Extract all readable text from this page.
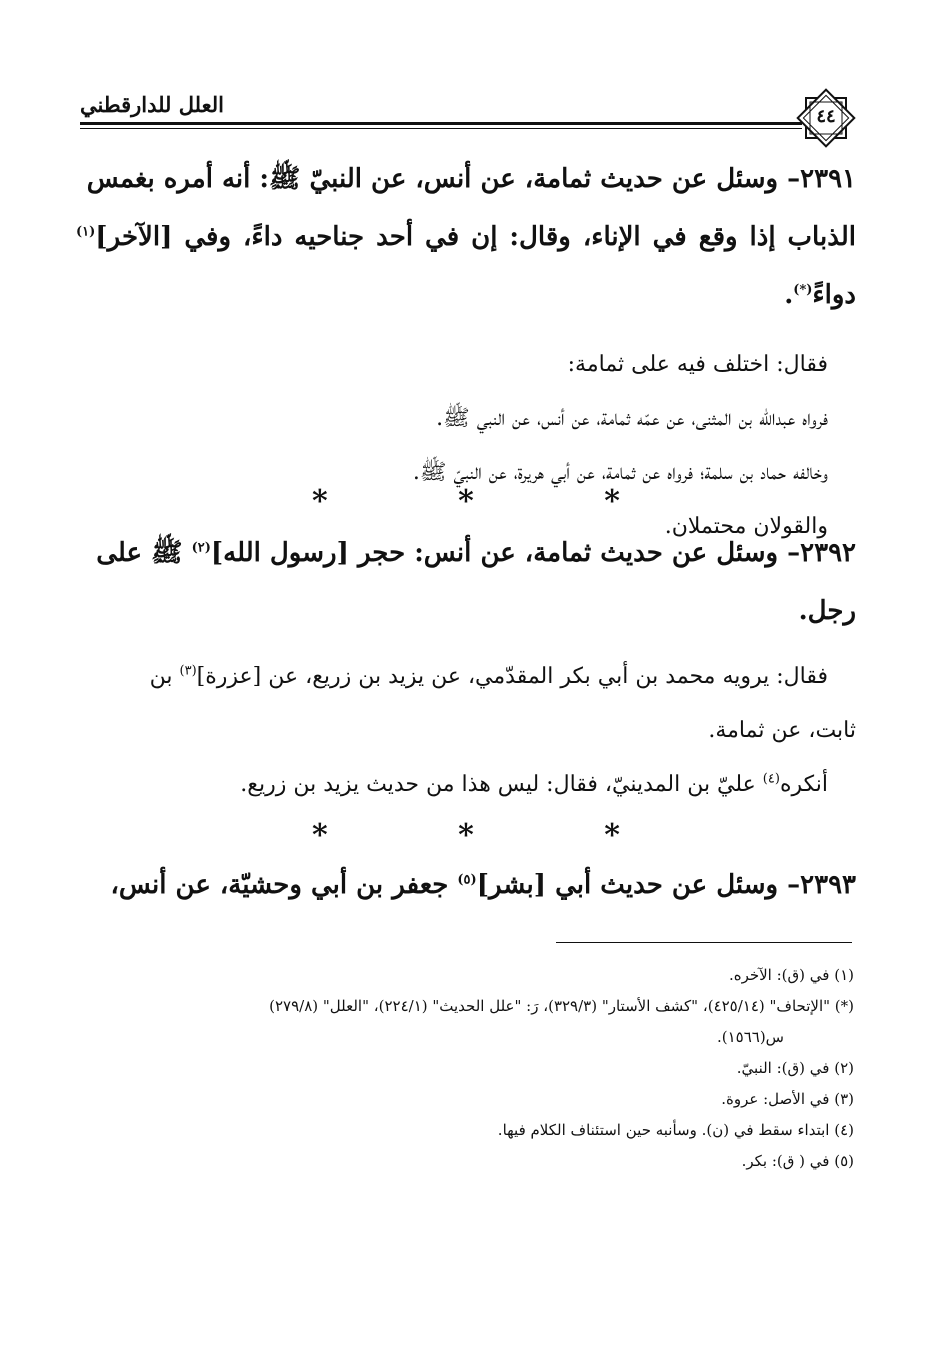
العلل للدارقطني	٤٤
٢٣٩١– وسئل عن حديث ثمامة، عن أنس، عن النبيّ ﷺ: أنه أمره بغمس
الذباب إذا وقع في الإناء، وقال: إن في أحد جناحيه داءً، وفي [الآخر]$^{(١)}$ دواءً(*).
فقال: اختلف فيه على ثمامة:
فرواه عبدالله بن المثنى، عن عمّه ثمامة، عن أنس، عن النبي ﷺ.
وخالفه حماد بن سلمة؛ فرواه عن ثمامة، عن أبي هريرة، عن النبيّ ﷺ.
والقولان محتملان.
* * *
٢٣٩٢– وسئل عن حديث ثمامة، عن أنس: حجر [رسول الله]$^{(٢)}$ ﷺ على
رجل.
فقال: يرويه محمد بن أبي بكر المقدّمي، عن يزيد بن زريع، عن [عزرة]$^{(٣)}$ بن
ثابت، عن ثمامة.
أنكره$^{(٤)}$ عليّ بن المدينيّ، فقال: ليس هذا من حديث يزيد بن زريع.
* * *
٢٣٩٣– وسئل عن حديث أبي [بشر]$^{(٥)}$ جعفر بن أبي وحشيّة، عن أنس،
(١) في (ق): الآخره.
(*) "الإتحاف" (٤٢٥/١٤)، "كشف الأستار" (٣٢٩/٣)، رَ: "علل الحديث" (٢٢٤/١)، "العلل" (٢٧٩/٨)
س(١٥٦٦).
(٢) في (ق): النبيّ.
(٣) في الأصل: عروة.
(٤) ابتداء سقط في (ن). وسأنبه حين استئناف الكلام فيها.
(٥) في ( ق): بكر.
